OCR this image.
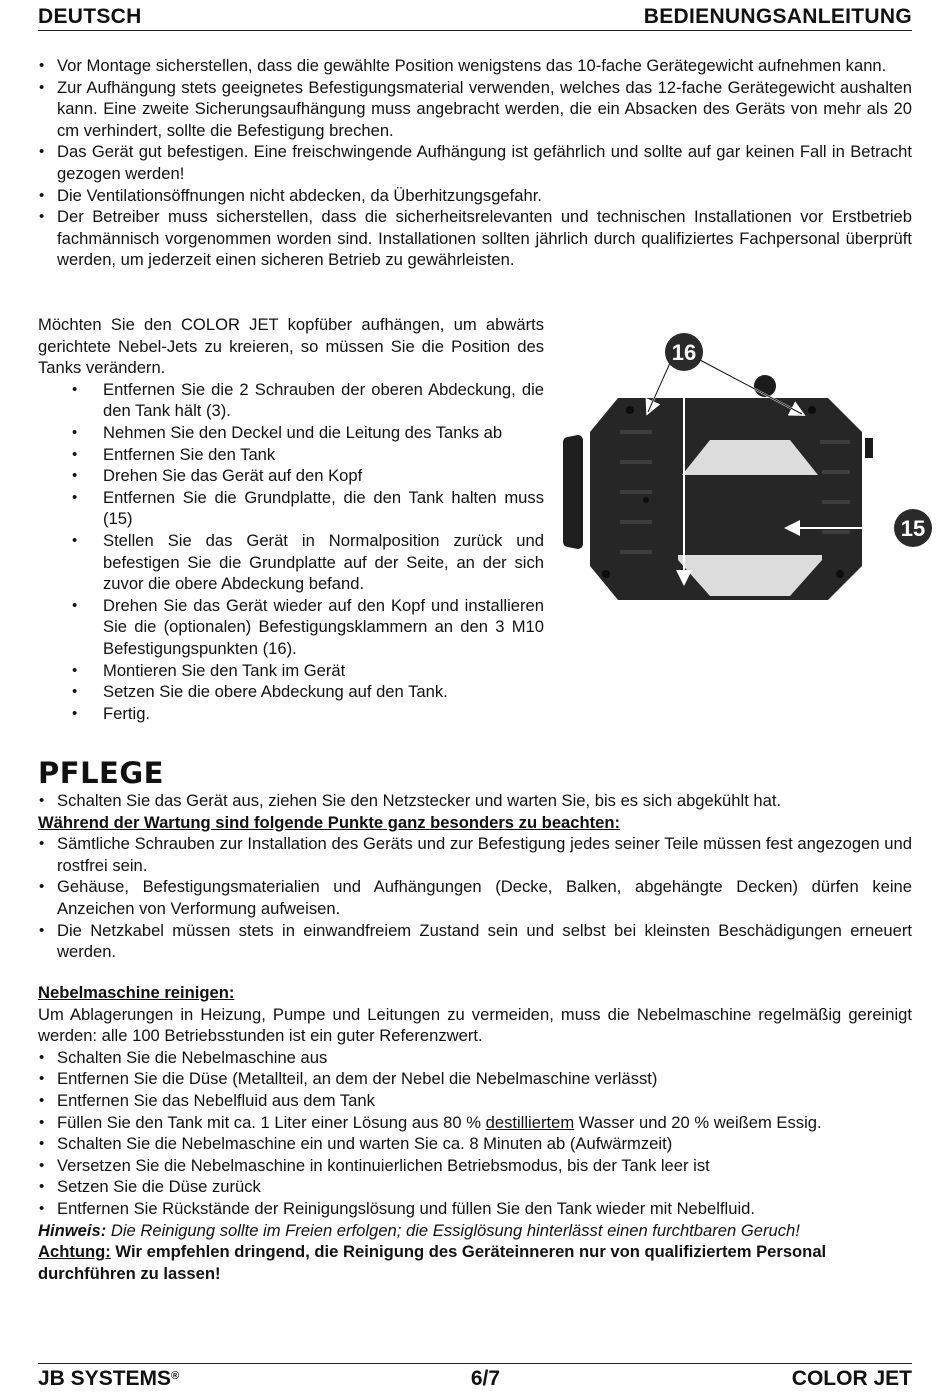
DEUTSCH	BEDIENUNGSANLEITUNG
• Vor Montage sicherstellen, dass die gewählte Position wenigstens das 10-fache Gerätegewicht aufnehmen kann.
• Zur Aufhängung stets geeignetes Befestigungsmaterial verwenden, welches das 12-fache Gerätegewicht aushalten kann. Eine zweite Sicherungsaufhängung muss angebracht werden, die ein Absacken des Geräts von mehr als 20 cm verhindert, sollte die Befestigung brechen.
• Das Gerät gut befestigen. Eine freischwingende Aufhängung ist gefährlich und sollte auf gar keinen Fall in Betracht gezogen werden!
• Die Ventilationsöffnungen nicht abdecken, da Überhitzungsgefahr.
• Der Betreiber muss sicherstellen, dass die sicherheitsrelevanten und technischen Installationen vor Erstbetrieb fachmännisch vorgenommen worden sind. Installationen sollten jährlich durch qualifiziertes Fachpersonal überprüft werden, um jederzeit einen sicheren Betrieb zu gewährleisten.
Möchten Sie den COLOR JET kopfüber aufhängen, um abwärts gerichtete Nebel-Jets zu kreieren, so müssen Sie die Position des Tanks verändern.
• Entfernen Sie die 2 Schrauben der oberen Abdeckung, die den Tank hält (3).
• Nehmen Sie den Deckel und die Leitung des Tanks ab
• Entfernen Sie den Tank
• Drehen Sie das Gerät auf den Kopf
• Entfernen Sie die Grundplatte, die den Tank halten muss (15)
• Stellen Sie das Gerät in Normalposition zurück und befestigen Sie die Grundplatte auf der Seite, an der sich zuvor die obere Abdeckung befand.
• Drehen Sie das Gerät wieder auf den Kopf und installieren Sie die (optionalen) Befestigungsklammern an den 3 M10 Befestigungspunkten (16).
• Montieren Sie den Tank im Gerät
• Setzen Sie die obere Abdeckung auf den Tank.
• Fertig.
16
15
PFLEGE
• Schalten Sie das Gerät aus, ziehen Sie den Netzstecker und warten Sie, bis es sich abgekühlt hat.
Während der Wartung sind folgende Punkte ganz besonders zu beachten:
• Sämtliche Schrauben zur Installation des Geräts und zur Befestigung jedes seiner Teile müssen fest angezogen und rostfrei sein.
• Gehäuse, Befestigungsmaterialien und Aufhängungen (Decke, Balken, abgehängte Decken) dürfen keine Anzeichen von Verformung aufweisen.
• Die Netzkabel müssen stets in einwandfreiem Zustand sein und selbst bei kleinsten Beschädigungen erneuert werden.
Nebelmaschine reinigen:
Um Ablagerungen in Heizung, Pumpe und Leitungen zu vermeiden, muss die Nebelmaschine regelmäßig gereinigt werden: alle 100 Betriebsstunden ist ein guter Referenzwert.
• Schalten Sie die Nebelmaschine aus
• Entfernen Sie die Düse (Metallteil, an dem der Nebel die Nebelmaschine verlässt)
• Entfernen Sie das Nebelfluid aus dem Tank
• Füllen Sie den Tank mit ca. 1 Liter einer Lösung aus 80 % destilliertem Wasser und 20 % weißem Essig.
• Schalten Sie die Nebelmaschine ein und warten Sie ca. 8 Minuten ab (Aufwärmzeit)
• Versetzen Sie die Nebelmaschine in kontinuierlichen Betriebsmodus, bis der Tank leer ist
• Setzen Sie die Düse zurück
• Entfernen Sie Rückstände der Reinigungslösung und füllen Sie den Tank wieder mit Nebelfluid.
Hinweis: Die Reinigung sollte im Freien erfolgen; die Essiglösung hinterlässt einen furchtbaren Geruch!
Achtung: Wir empfehlen dringend, die Reinigung des Geräteinneren nur von qualifiziertem Personal durchführen zu lassen!
JB SYSTEMS®	6/7	COLOR JET
